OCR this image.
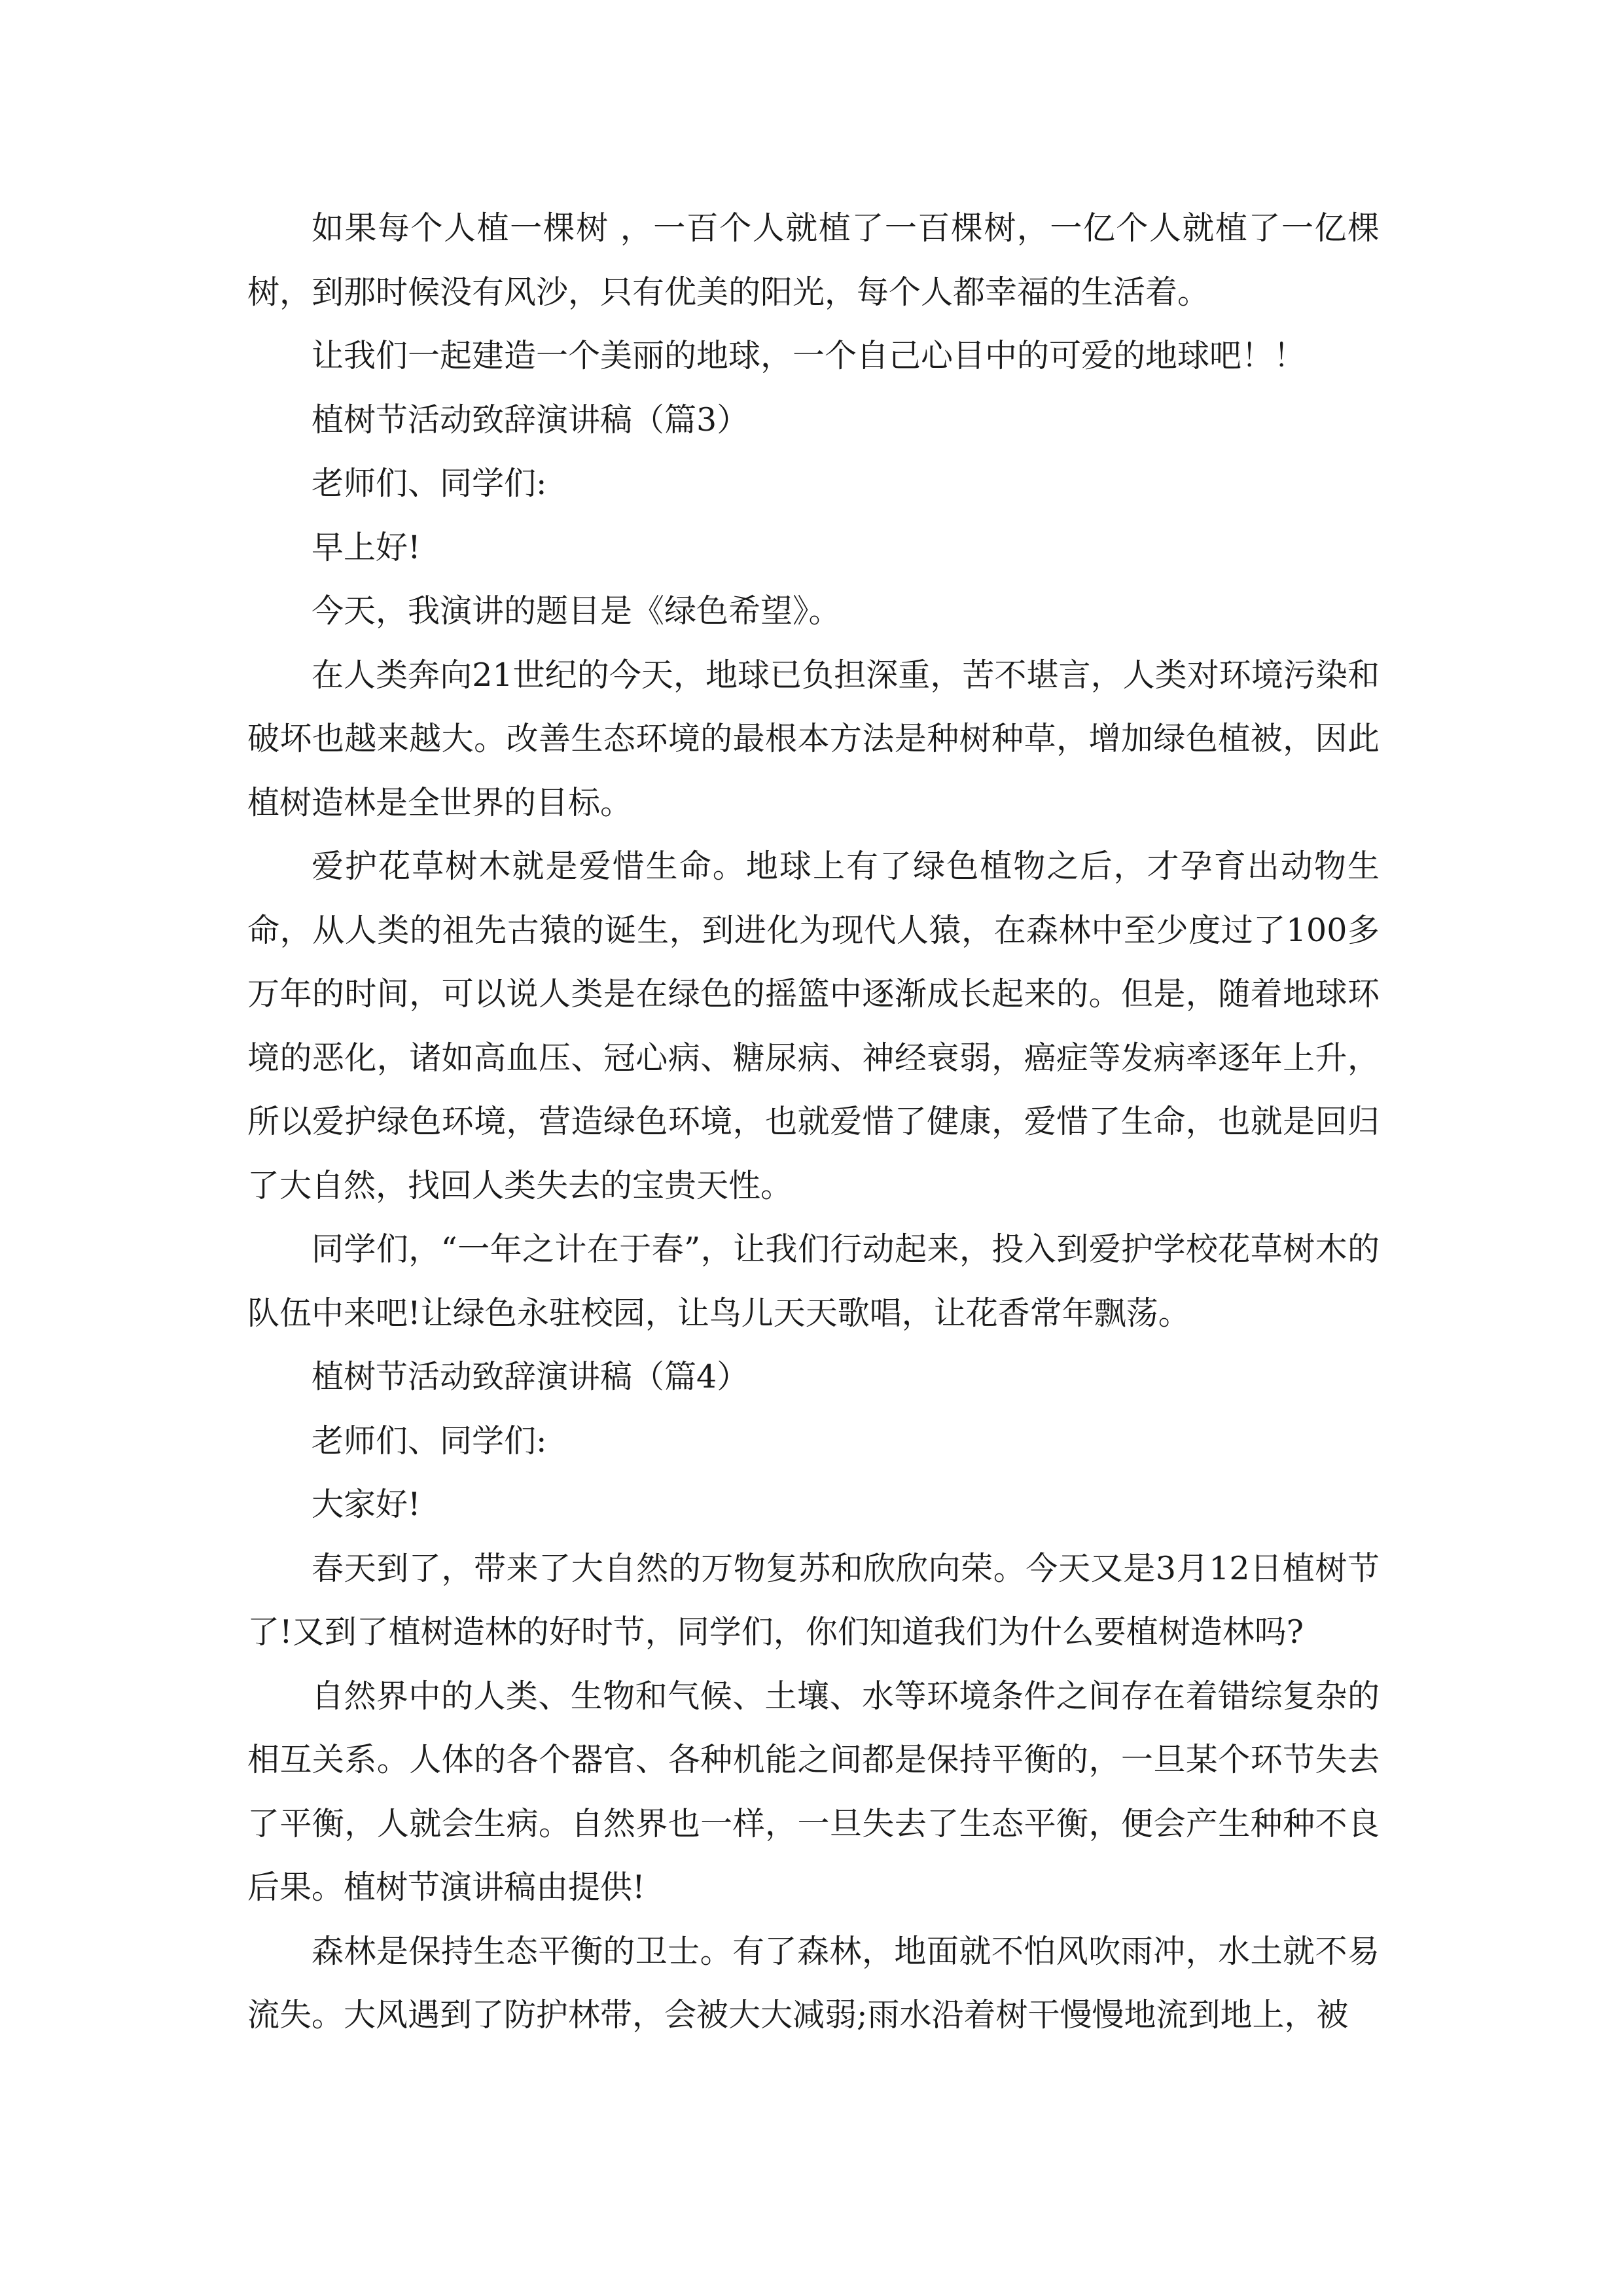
如果每个人植一棵树 ，一百个人就植了一百棵树，一亿个人就植了一亿棵树，到那时候没有风沙，只有优美的阳光，每个人都幸福的生活着。

让我们一起建造一个美丽的地球，一个自己心目中的可爱的地球吧！！

植树节活动致辞演讲稿（篇3）

老师们、同学们:

早上好!

今天，我演讲的题目是《绿色希望》。

在人类奔向21世纪的今天，地球已负担深重，苦不堪言，人类对环境污染和破坏也越来越大。改善生态环境的最根本方法是种树种草，增加绿色植被，因此植树造林是全世界的目标。

爱护花草树木就是爱惜生命。地球上有了绿色植物之后，才孕育出动物生命，从人类的祖先古猿的诞生，到进化为现代人猿，在森林中至少度过了100多万年的时间，可以说人类是在绿色的摇篮中逐渐成长起来的。但是，随着地球环境的恶化，诸如高血压、冠心病、糖尿病、神经衰弱，癌症等发病率逐年上升，所以爱护绿色环境，营造绿色环境，也就爱惜了健康，爱惜了生命，也就是回归了大自然，找回人类失去的宝贵天性。

同学们，“一年之计在于春”，让我们行动起来，投入到爱护学校花草树木的队伍中来吧!让绿色永驻校园，让鸟儿天天歌唱，让花香常年飘荡。

植树节活动致辞演讲稿（篇4）

老师们、同学们:

大家好!

春天到了，带来了大自然的万物复苏和欣欣向荣。今天又是3月12日植树节了!又到了植树造林的好时节，同学们，你们知道我们为什么要植树造林吗?

自然界中的人类、生物和气候、土壤、水等环境条件之间存在着错综复杂的相互关系。人体的各个器官、各种机能之间都是保持平衡的，一旦某个环节失去了平衡，人就会生病。自然界也一样，一旦失去了生态平衡，便会产生种种不良后果。植树节演讲稿由提供!

森林是保持生态平衡的卫士。有了森林，地面就不怕风吹雨冲，水土就不易流失。大风遇到了防护林带，会被大大减弱;雨水沿着树干慢慢地流到地上，被
